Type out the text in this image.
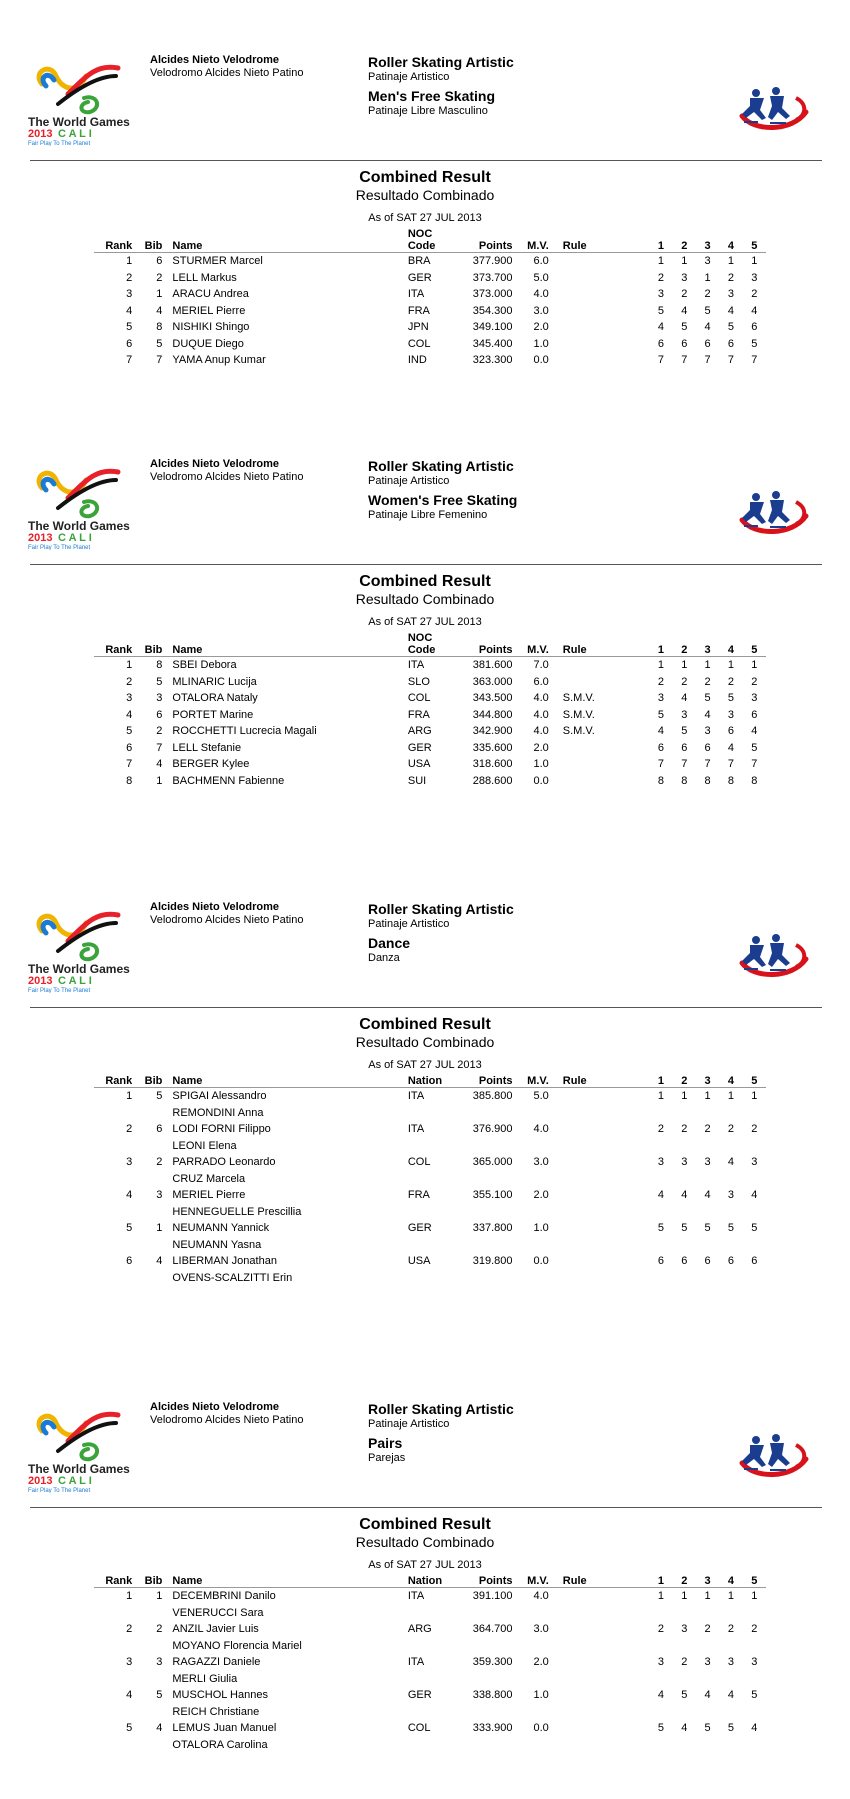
The World Games
2013 C A L I
Fair Play To The Planet
Alcides Nieto Velodrome
Velodromo Alcides Nieto Patino
Roller Skating Artistic
Patinaje Artistico
Men's Free Skating
Patinaje Libre Masculino
Combined Result
Resultado Combinado
As of SAT 27 JUL 2013
Rank	Bib	Name	NOC
Code	Points	M.V.	Rule		1	2	3	4	5

1	6	STURMER Marcel	BRA	377.900	6.0			1	1	3	1	1

2	2	LELL Markus	GER	373.700	5.0			2	3	1	2	3

3	1	ARACU Andrea	ITA	373.000	4.0			3	2	2	3	2

4	4	MERIEL Pierre	FRA	354.300	3.0			5	4	5	4	4

5	8	NISHIKI Shingo	JPN	349.100	2.0			4	5	4	5	6

6	5	DUQUE Diego	COL	345.400	1.0			6	6	6	6	5

7	7	YAMA Anup Kumar	IND	323.300	0.0			7	7	7	7	7
The World Games
2013 C A L I
Fair Play To The Planet
Alcides Nieto Velodrome
Velodromo Alcides Nieto Patino
Roller Skating Artistic
Patinaje Artistico
Women's Free Skating
Patinaje Libre Femenino
Combined Result
Resultado Combinado
As of SAT 27 JUL 2013
Rank	Bib	Name	NOC
Code	Points	M.V.	Rule		1	2	3	4	5

1	8	SBEI Debora	ITA	381.600	7.0			1	1	1	1	1

2	5	MLINARIC Lucija	SLO	363.000	6.0			2	2	2	2	2

3	3	OTALORA Nataly	COL	343.500	4.0	S.M.V.		3	4	5	5	3

4	6	PORTET Marine	FRA	344.800	4.0	S.M.V.		5	3	4	3	6

5	2	ROCCHETTI Lucrecia Magali	ARG	342.900	4.0	S.M.V.		4	5	3	6	4

6	7	LELL Stefanie	GER	335.600	2.0			6	6	6	4	5

7	4	BERGER Kylee	USA	318.600	1.0			7	7	7	7	7

8	1	BACHMENN Fabienne	SUI	288.600	0.0			8	8	8	8	8
The World Games
2013 C A L I
Fair Play To The Planet
Alcides Nieto Velodrome
Velodromo Alcides Nieto Patino
Roller Skating Artistic
Patinaje Artistico
Dance
Danza
Combined Result
Resultado Combinado
As of SAT 27 JUL 2013
Rank	Bib	Name	Nation	Points	M.V.	Rule		1	2	3	4	5

1	5	SPIGAI Alessandro
REMONDINI Anna	ITA	385.800	5.0			1	1	1	1	1

2	6	LODI FORNI Filippo
LEONI Elena	ITA	376.900	4.0			2	2	2	2	2

3	2	PARRADO Leonardo
CRUZ Marcela	COL	365.000	3.0			3	3	3	4	3

4	3	MERIEL Pierre
HENNEGUELLE Prescillia	FRA	355.100	2.0			4	4	4	3	4

5	1	NEUMANN Yannick
NEUMANN Yasna	GER	337.800	1.0			5	5	5	5	5

6	4	LIBERMAN Jonathan
OVENS-SCALZITTI Erin	USA	319.800	0.0			6	6	6	6	6
The World Games
2013 C A L I
Fair Play To The Planet
Alcides Nieto Velodrome
Velodromo Alcides Nieto Patino
Roller Skating Artistic
Patinaje Artistico
Pairs
Parejas
Combined Result
Resultado Combinado
As of SAT 27 JUL 2013
Rank	Bib	Name	Nation	Points	M.V.	Rule		1	2	3	4	5

1	1	DECEMBRINI Danilo
VENERUCCI Sara	ITA	391.100	4.0			1	1	1	1	1

2	2	ANZIL Javier Luis
MOYANO Florencia Mariel	ARG	364.700	3.0			2	3	2	2	2

3	3	RAGAZZI Daniele
MERLI Giulia	ITA	359.300	2.0			3	2	3	3	3

4	5	MUSCHOL Hannes
REICH Christiane	GER	338.800	1.0			4	5	4	4	5

5	4	LEMUS Juan Manuel
OTALORA Carolina	COL	333.900	0.0			5	4	5	5	4
